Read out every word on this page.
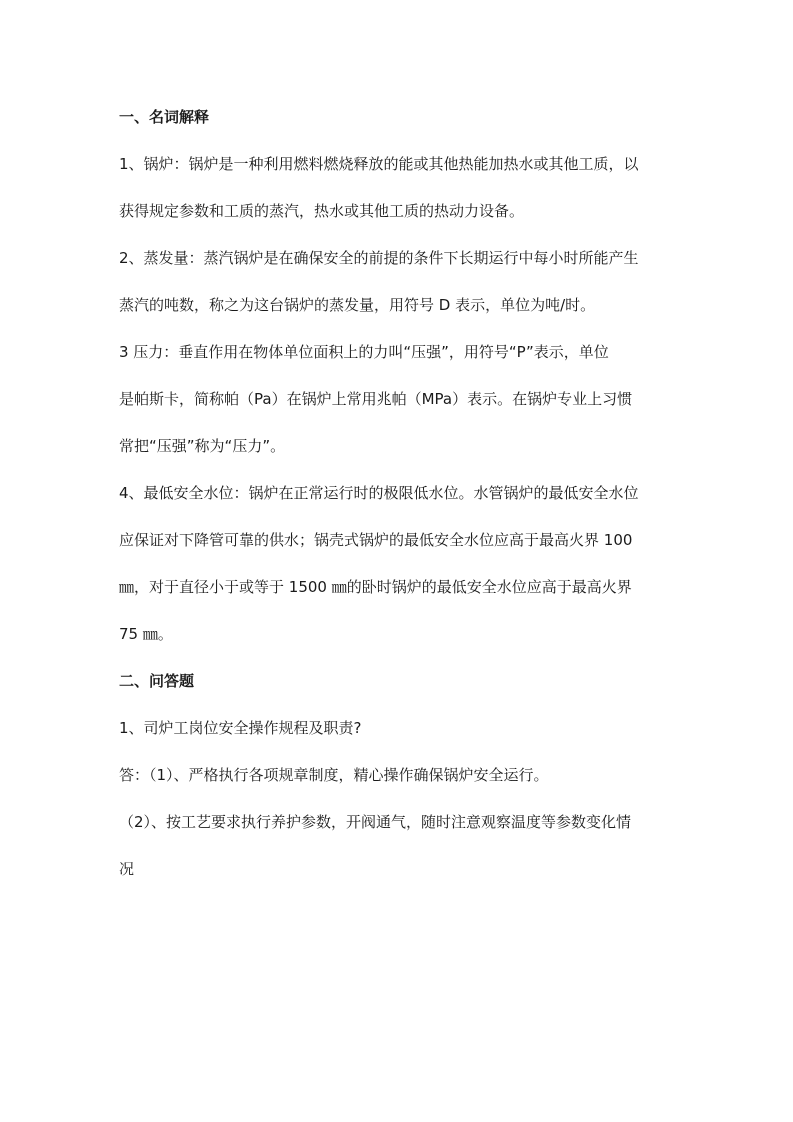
一、名词解释

1、锅炉：锅炉是一种利用燃料燃烧释放的能或其他热能加热水或其他工质，以

获得规定参数和工质的蒸汽，热水或其他工质的热动力设备。

2、蒸发量：蒸汽锅炉是在确保安全的前提的条件下长期运行中每小时所能产生

蒸汽的吨数，称之为这台锅炉的蒸发量，用符号 D 表示，单位为吨/时。

3 压力：垂直作用在物体单位面积上的力叫“压强”，用符号“P”表示，单位

是帕斯卡，简称帕（Pa）在锅炉上常用兆帕（MPa）表示。在锅炉专业上习惯

常把“压强”称为“压力”。

4、最低安全水位：锅炉在正常运行时的极限低水位。水管锅炉的最低安全水位

应保证对下降管可靠的供水；锅壳式锅炉的最低安全水位应高于最高火界 100

㎜，对于直径小于或等于 1500 ㎜的卧时锅炉的最低安全水位应高于最高火界

75 ㎜。

二、问答题

1、司炉工岗位安全操作规程及职责?

答：（1）、严格执行各项规章制度，精心操作确保锅炉安全运行。

（2）、按工艺要求执行养护参数，开阀通气，随时注意观察温度等参数变化情

况
